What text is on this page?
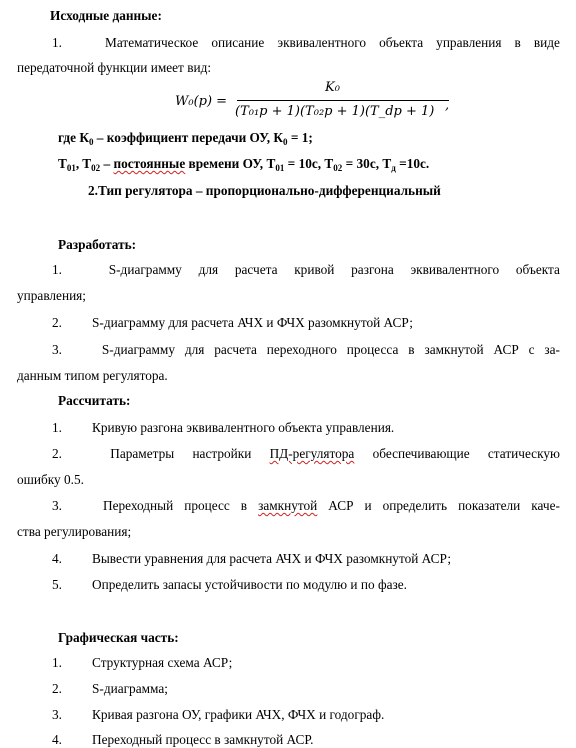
Исходные данные:
1.	Математическое описание эквивалентного объекта управления в виде
передаточной функции имеет вид:
W₀(p) =
K₀
(T₀₁p + 1)(T₀₂p + 1)(T_dp + 1) ,
где $К_0$ – коэффициент передачи ОУ, $К_0 = 1$;
$T_{01}$, $T_{02}$ – постоянные времени ОУ, $T_{01} = 10с$, $T_{02} = 30с$, $T_д =10с$.
2.Тип регулятора – пропорционально-дифференциальный
Разработать:
1.	S-диаграмму для расчета кривой разгона эквивалентного объекта
управления;
2. S-диаграмму для расчета АЧХ и ФЧХ разомкнутой АСР;
3.	S-диаграмму для расчета переходного процесса в замкнутой АСР с за-
данным типом регулятора.
Рассчитать:
1. Кривую разгона эквивалентного объекта управления.
2.	Параметры настройки ПД-регулятора обеспечивающие статическую
ошибку 0.5.
3.	Переходный процесс в замкнутой АСР и определить показатели каче-
ства регулирования;
4. Вывести уравнения для расчета АЧХ и ФЧХ разомкнутой АСР;
5. Определить запасы устойчивости по модулю и по фазе.
Графическая часть:
1. Структурная схема АСР;
2. S-диаграмма;
3. Кривая разгона ОУ, графики АЧХ, ФЧХ и годограф.
4. Переходный процесс в замкнутой АСР.
